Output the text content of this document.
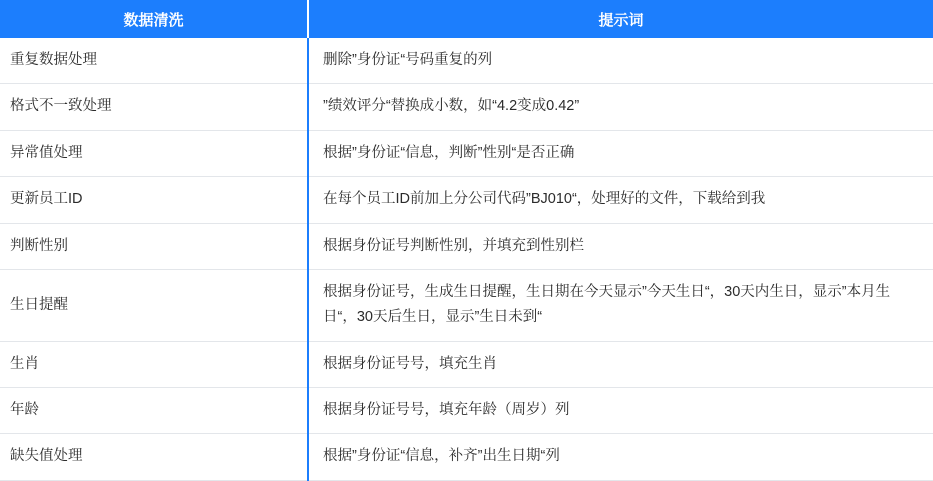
数据清洗	提示词
重复数据处理	删除”身份证“号码重复的列
格式不一致处理	”绩效评分“替换成小数，如“4.2变成0.42”
异常值处理	根据”身份证“信息，判断”性别“是否正确
更新员工ID	在每个员工ID前加上分公司代码”BJ010“，处理好的文件，下载给到我
判断性别	根据身份证号判断性别，并填充到性别栏
生日提醒	根据身份证号，生成生日提醒，生日期在今天显示”今天生日“，30天内生日，显示”本月生日“，30天后生日，显示”生日未到“
生肖	根据身份证号号，填充生肖
年龄	根据身份证号号，填充年龄（周岁）列
缺失值处理	根据”身份证“信息，补齐”出生日期“列
